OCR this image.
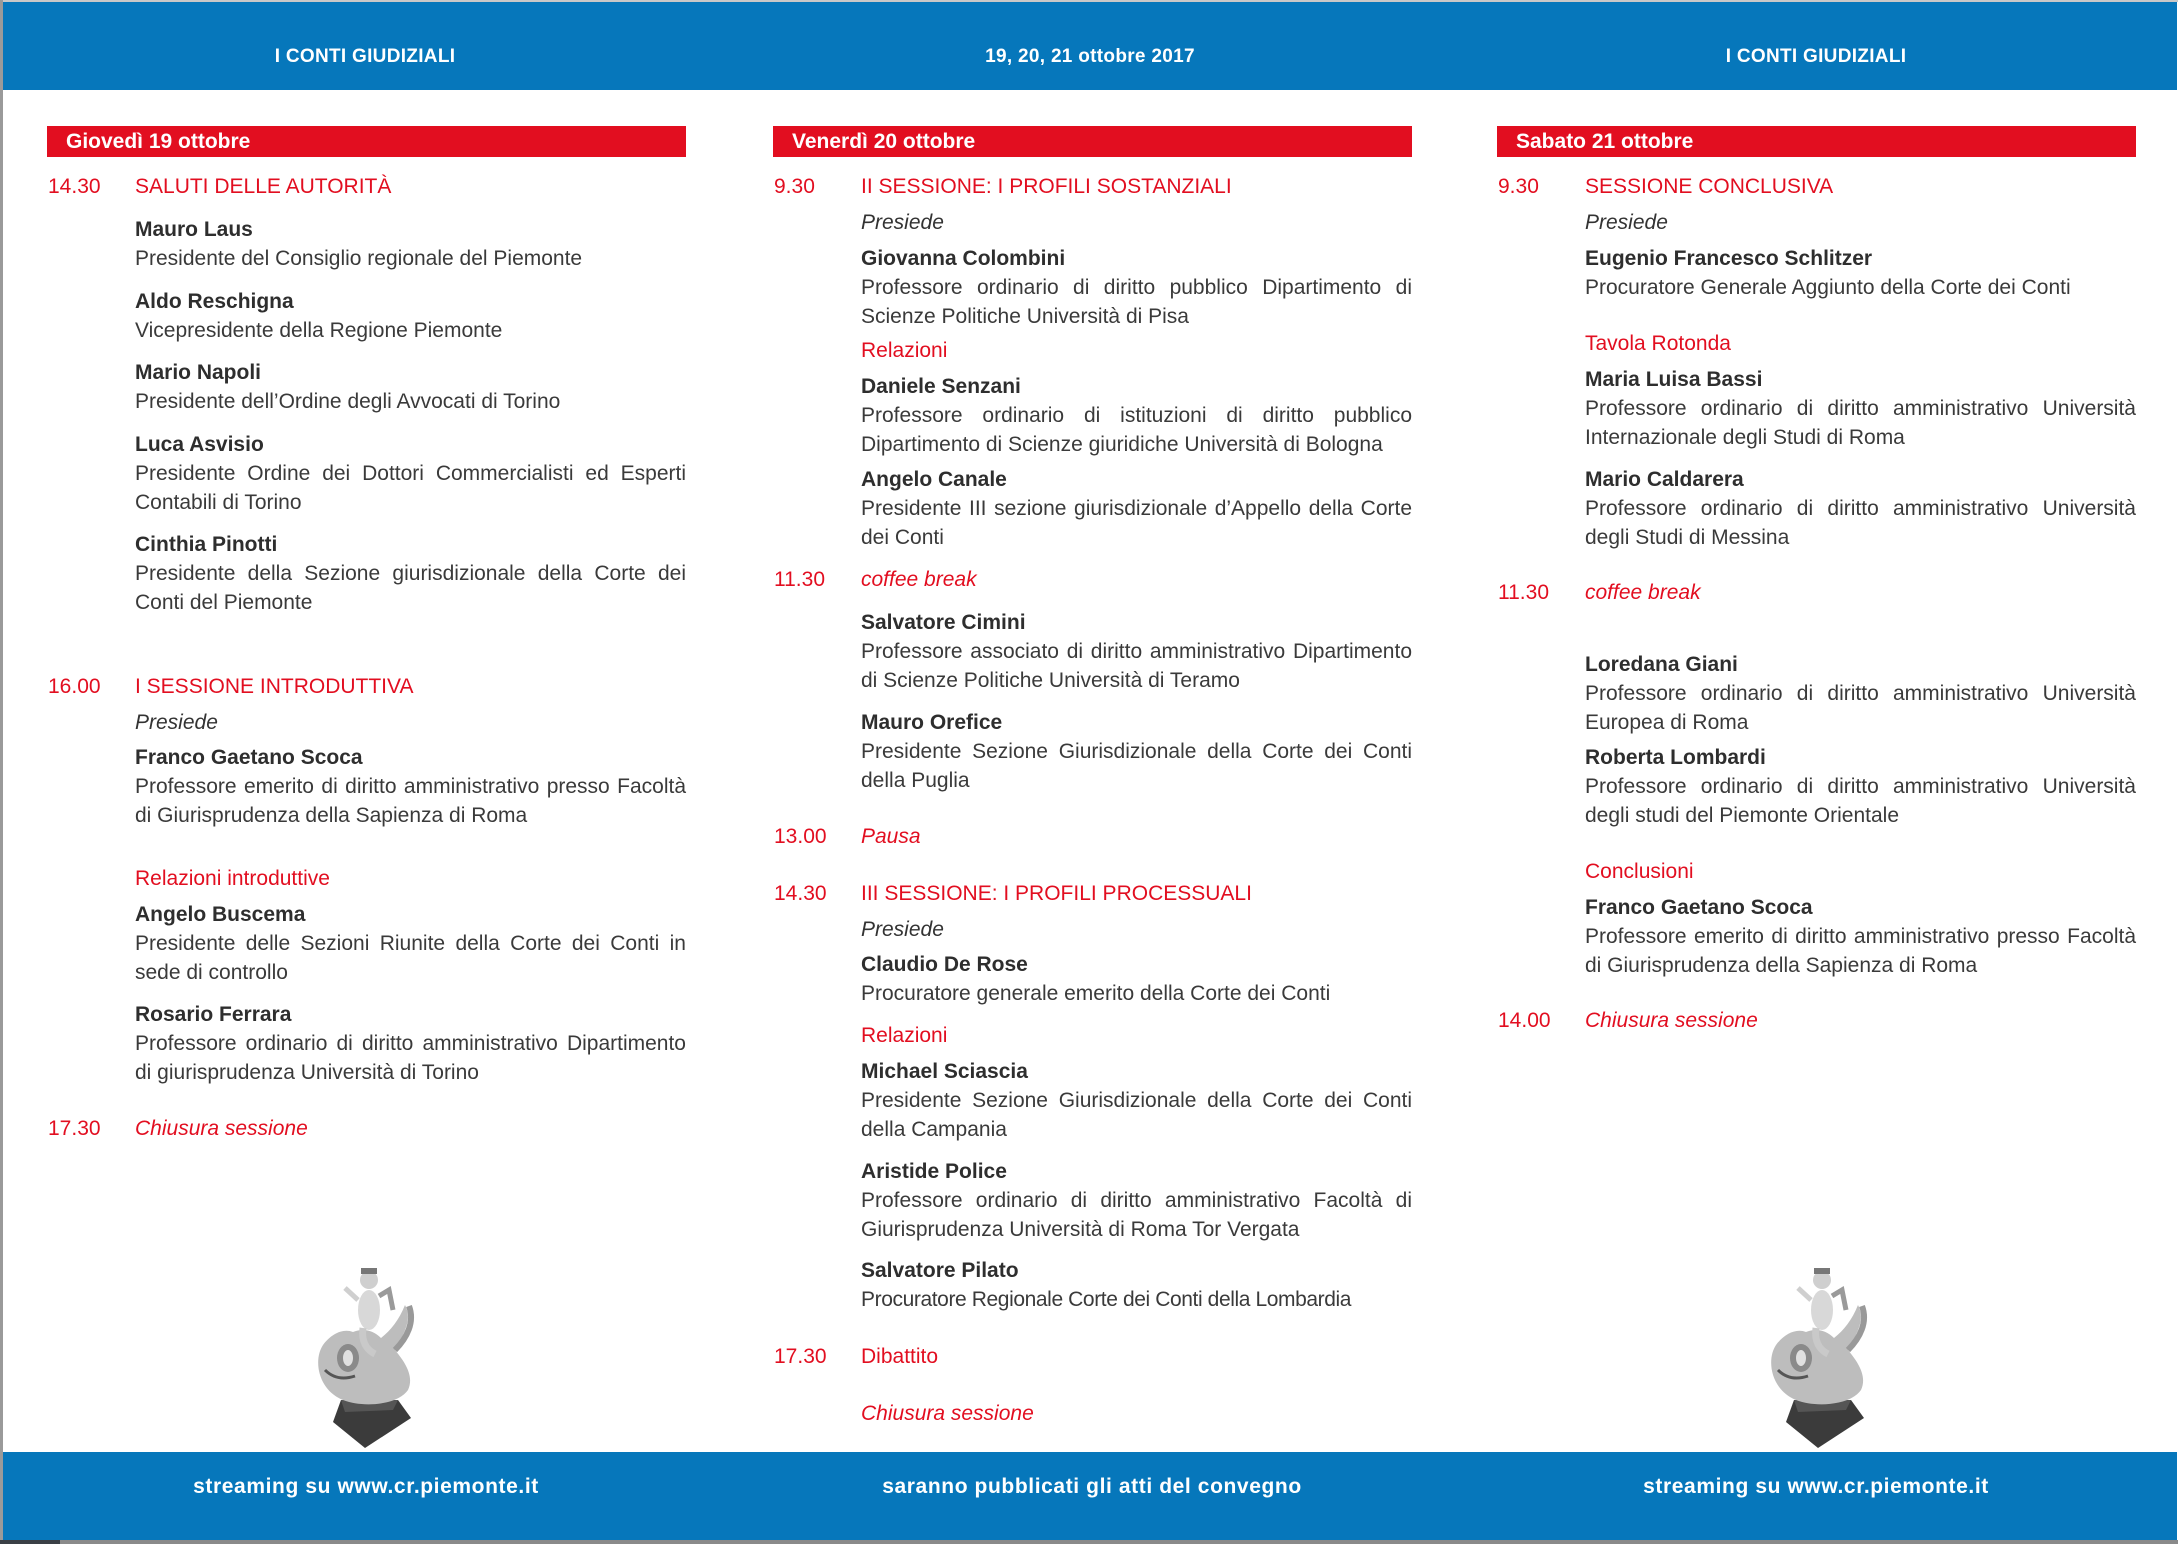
I CONTI GIUDIZIALI	19, 20, 21 ottobre 2017	I CONTI GIUDIZIALI
Giovedì 19 ottobre
14.30 SALUTI DELLE AUTORITÀ
Mauro Laus
Presidente del Consiglio regionale del Piemonte
Aldo Reschigna
Vicepresidente della Regione Piemonte
Mario Napoli
Presidente dell’Ordine degli Avvocati di Torino
Luca Asvisio
Presidente Ordine dei Dottori Commercialisti ed Esperti Contabili di Torino
Cinthia Pinotti
Presidente della Sezione giurisdizionale della Corte dei Conti del Piemonte
16.00 I SESSIONE INTRODUTTIVA
Presiede
Franco Gaetano Scoca
Professore emerito di diritto amministrativo presso Facoltà di Giurisprudenza della Sapienza di Roma
Relazioni introduttive
Angelo Buscema
Presidente delle Sezioni Riunite della Corte dei Conti in sede di controllo
Rosario Ferrara
Professore ordinario di diritto amministrativo Dipartimento di giurisprudenza Università di Torino
17.30 Chiusura sessione
Venerdì 20 ottobre
9.30 II SESSIONE: I PROFILI SOSTANZIALI
Presiede
Giovanna Colombini
Professore ordinario di diritto pubblico Dipartimento di Scienze Politiche Università di Pisa
Relazioni
Daniele Senzani
Professore ordinario di istituzioni di diritto pubblico Dipartimento di Scienze giuridiche Università di Bologna
Angelo Canale
Presidente III sezione giurisdizionale d’Appello della Corte dei Conti
11.30 coffee break
Salvatore Cimini
Professore associato di diritto amministrativo Dipartimento di Scienze Politiche Università di Teramo
Mauro Orefice
Presidente Sezione Giurisdizionale della Corte dei Conti della Puglia
13.00 Pausa
14.30 III SESSIONE: I PROFILI PROCESSUALI
Presiede
Claudio De Rose
Procuratore generale emerito della Corte dei Conti
Relazioni
Michael Sciascia
Presidente Sezione Giurisdizionale della Corte dei Conti della Campania
Aristide Police
Professore ordinario di diritto amministrativo Facoltà di Giurisprudenza Università di Roma Tor Vergata
Salvatore Pilato
Procuratore Regionale Corte dei Conti della Lombardia
17.30 Dibattito
Chiusura sessione
Sabato 21 ottobre
9.30 SESSIONE CONCLUSIVA
Presiede
Eugenio Francesco Schlitzer
Procuratore Generale Aggiunto della Corte dei Conti
Tavola Rotonda
Maria Luisa Bassi
Professore ordinario di diritto amministrativo Università Internazionale degli Studi di Roma
Mario Caldarera
Professore ordinario di diritto amministrativo Università degli Studi di Messina
11.30 coffee break
Loredana Giani
Professore ordinario di diritto amministrativo Università Europea di Roma
Roberta Lombardi
Professore ordinario di diritto amministrativo Università degli studi del Piemonte Orientale
Conclusioni
Franco Gaetano Scoca
Professore emerito di diritto amministrativo presso Facoltà di Giurisprudenza della Sapienza di Roma
14.00 Chiusura sessione
streaming su www.cr.piemonte.it	saranno pubblicati gli atti del convegno	streaming su www.cr.piemonte.it
